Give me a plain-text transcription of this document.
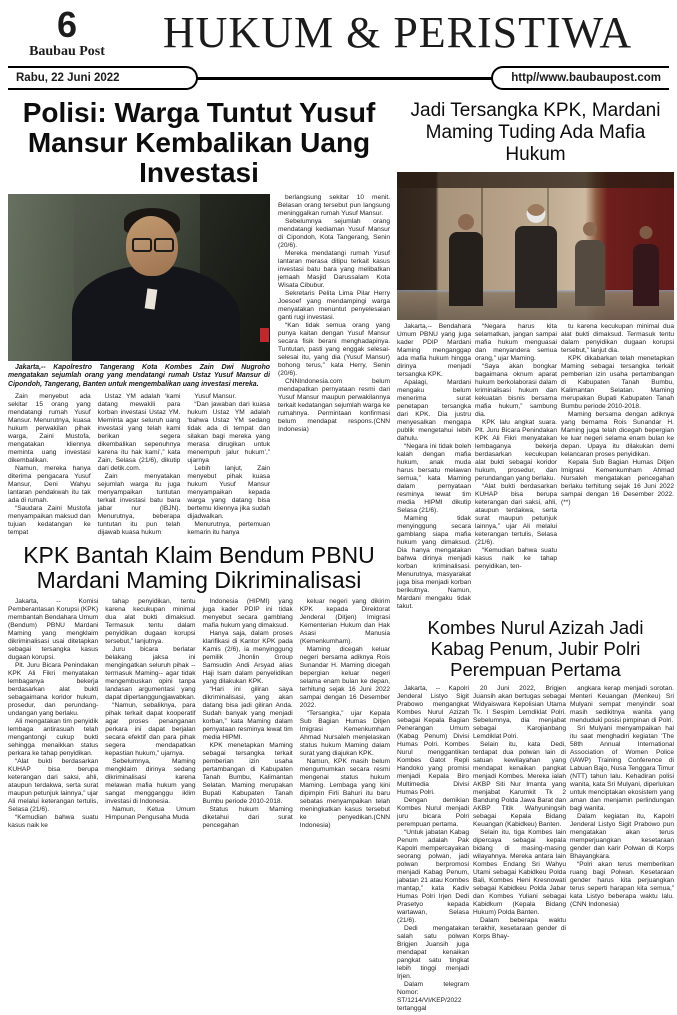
6
Baubau Post	HUKUM & PERISTIWA
Rabu, 22 Juni 2022	http//www.baubaupost.com
Polisi: Warga Tuntut Yusuf Mansur Kembalikan Uang Investasi

Jakarta,-- Kapolrestro Tangerang Kota Kombes Zain Dwi Nugroho mengatakan sejumlah orang yang mendatangi rumah Ustaz Yusuf Mansur di Cipondoh, Tangerang, Banten untuk mengembalikan uang investasi mereka.

Zain menyebut ada sekitar 15 orang yang mendatangi rumah Yusuf Mansur. Menurutnya, kuasa hukum perwakilan pihak warga, Zaini Mustofa, mengatakan kliennya meminta uang investasi dikembalikan.

Namun, mereka hanya diterima pengacara Yusuf Mansur, Deni Wahyu lantaran pendakwah itu tak ada di rumah.

“Saudara Zaini Mustofa menyampaikan maksud dan tujuan kedatangan ke tempat

Ustaz YM adalah ‘kami datang mewakili para korban investasi Ustaz YM. Meminta agar seluruh uang investasi yang telah kami berikan segera dikembalikan sepenuhnya karena itu hak kami’,” kata Zain, Selasa (21/6), dikutip dari detik.com.

Zain menyatakan sejumlah warga itu juga menyampaikan tuntutan terkait investasi batu bara jabar nur (IBJN). Menurutnya, beberapa tuntutan itu pun telah dijawab kuasa hukum

Yusuf Mansur.

“Dan jawaban dari kuasa hukum Ustaz YM adalah ‘bahwa Ustaz YM sedang tidak ada di tempat dan silakan bagi mereka yang merasa dirugikan untuk menempuh jalur hukum’,” ujarnya

Lebih lanjut, Zain menyebut pihak kuasa hukum Yusuf Mansur menyampaikan kepada warga yang datang bisa bertemu kliennya jika sudah dijadwalkan.

Menurutnya, pertemuan kemarin itu hanya

berlangsung sekitar 10 menit. Belasan orang tersebut pun langsung meninggalkan rumah Yusuf Mansur.

Sebelumnya sejumlah orang mendatangi kediaman Yusuf Mansur di Cipondoh, Kota Tangerang, Senin (20/6).

Mereka mendatangi rumah Yusuf lantaran merasa ditipu terkait kasus investasi batu bara yang melibatkan jemaah Masjid Darussalam Kota Wisata Cibubur.

Sekretaris Pelita Lima Pilar Herry Joesoef yang mendampingi warga menyatakan menuntut penyelesaian ganti rugi investasi.

“Kan tidak semua orang yang punya kaitan dengan Yusuf Mansur secara fisik berani menghadapinya. Tuntutan, pasti yang enggak selesai-selesai itu, yang dia (Yusuf Mansur) bohong terus,” kata Herry, Senin (20/6).

CNNIndonesia.com belum mendapatkan pernyataan resmi dari Yusuf Mansur maupun perwakilannya terkait kedatangan sejumlah warga ke rumahnya. Permintaan konfirmasi belum mendapat respons.(CNN Indonesia)

KPK Bantah Klaim Bendum PBNU Mardani Maming Dikriminalisasi

Jakarta, -- Komisi Pemberantasan Korupsi (KPK) membantah Bendahara Umum (Bendum) PBNU Mardani Maming yang mengklaim dikriminalisasi usai ditetapkan sebagai tersangka kasus dugaan korupsi.

Plt. Juru Bicara Penindakan KPK Ali Fikri menyatakan lembaganya bekerja berdasarkan alat bukti sebagaimana koridor hukum, prosedur, dan perundang-undangan yang berlaku.

Ali mengatakan tim penyidik lembaga antirasuah telah mengantongi cukup bukti sehingga menaikkan status perkara ke tahap penyidikan.

“Alat bukti berdasarkan KUHAP bisa berupa keterangan dari saksi, ahli, ataupun terdakwa, serta surat maupun petunjuk lainnya,” ujar Ali melalui keterangan tertulis, Selasa (21/6).

“Kemudian bahwa suatu kasus naik ke

tahap penyidikan, tentu karena kecukupan minimal dua alat bukti dimaksud. Termasuk tentu dalam penyidikan dugaan korupsi tersebut,” lanjutnya.

Juru bicara berlatar belakang jaksa ini mengingatkan seluruh pihak --termasuk Maming-- agar tidak mengembuskan opini tanpa landasan argumentasi yang dapat dipertanggungjawabkan.

“Namun, sebaliknya, para pihak terkait dapat kooperatif agar proses penanganan perkara ini dapat berjalan secara efektif dan para pihak segera mendapatkan kepastian hukum,” ujarnya.

Sebelumnya, Maming mengklaim dirinya sedang dikriminalisasi karena melawan mafia hukum yang sangat mengganggu iklim investasi di Indonesia.

Namun, Ketua Umum Himpunan Pengusaha Muda

Indonesia (HIPMI) yang juga kader PDIP ini tidak menyebut secara gamblang mafia hukum yang dimaksud.

Hanya saja, dalam proses klarifikasi di Kantor KPK pada Kamis (2/6), ia menyinggung pemilik Jhonlin Group Samsudin Andi Arsyad alias Haji Isam dalam penyelidikan yang dilakukan KPK.

“Hari ini giliran saya dikriminalisasi, yang akan datang bisa jadi giliran Anda. Sudah banyak yang menjadi korban,” kata Maming dalam pernyataan resminya lewat tim media HIPMI.

KPK menetapkan Maming sebagai tersangka terkait pemberian izin usaha pertambangan di Kabupaten Tanah Bumbu, Kalimantan Selatan. Maming merupakan Bupati Kabupaten Tanah Bumbu periode 2010-2018.

Status hukum Maming diketahui dari surat pencegahan

keluar negeri yang dikirim KPK kepada Direktorat Jenderal (Ditjen) Imigrasi Kementerian Hukum dan Hak Asasi Manusia (Kemenkumham).

Maming dicegah keluar negeri bersama adiknya Rois Sunandar H. Maming dicegah bepergian keluar negeri selama enam bulan ke depan, terhitung sejak 16 Juni 2022 sampai dengan 16 Desember 2022.

“Tersangka,” ujar Kepala Sub Bagian Humas Ditjen Imigrasi Kemenkumham Ahmad Nursaleh menjelaskan status hukum Maming dalam surat yang diajukan KPK.

Namun, KPK masih belum mengumumkan secara resmi mengenai status hukum Maming. Lembaga yang kini dipimpin Firli Bahuri itu baru sebatas menyampaikan telah meningkatkan kasus tersebut ke penyedikan.(CNN Indonesia)

Jadi Tersangka KPK, Mardani Maming Tuding Ada Mafia Hukum

Jakarta,-- Bendahara Umum PBNU yang juga kader PDIP Mardani Maming menganggap ada mafia hukum hingga dirinya menjadi tersangka KPK.

Apalagi, Mardani mengaku belum menerima surat penetapan tersangka dari KPK. Dia justru menyesalkan mengapa publik mengetahui lebih dahulu.

“Negara ini tidak boleh kalah dengan mafia hukum, anak muda harus bersatu melawan semua,” kata Maming dalam pernyataan resminya lewat tim media HIPMI dikutip Selasa (21/6).

Maming tidak menyinggung secara gamblang siapa mafia hukum yang dimaksud. Dia hanya mengatakan bahwa dirinya menjadi korban kriminalisasi. Menurutnya, masyarakat juga bisa menjadi korban berikutnya. Namun, Mardani mengaku tidak takut.

“Negara harus kita selamatkan, jangan sampai mafia hukum menguasai dan menyandera semua orang,” ujar Maming.

“Saya akan bongkar bagaimana oknum aparat hukum berkolaborasi dalam kriminalisasi hukum dan kekuatan bisnis bersama mafia hukum,” sambung dia.

KPK lalu angkat suara. Plt. Juru Bicara Penindakan KPK Ali Fikri menyatakan lembaganya bekerja berdasarkan kecukupan alat bukti sebagai koridor hukum, prosedur, dan perundangan yang berlaku.

“Alat bukti berdasarkan KUHAP bisa berupa keterangan dari saksi, ahli, ataupun terdakwa, serta surat maupun petunjuk lainnya,” ujar Ali melalui keterangan tertulis, Selasa (21/6).

“Kemudian bahwa suatu kasus naik ke tahap penyidikan, ten-

tu karena kecukupan minimal dua alat bukti dimaksud. Termasuk tentu dalam penyidikan dugaan korupsi tersebut,” lanjut dia.

KPK dikabarkan telah menetapkan Maming sebagai tersangka terkait pemberian izin usaha pertambangan di Kabupaten Tanah Bumbu, Kalimantan Selatan. Maming merupakan Bupati Kabupaten Tanah Bumbu periode 2010-2018.

Maming bersama dengan adiknya yang bernama Rois Sunandar H. Maming juga telah dicegah bepergian ke luar negeri selama enam bulan ke depan. Upaya itu dilakukan demi kelancaran proses penyidikan.

Kepala Sub Bagian Humas Ditjen Imigrasi Kemenkumham Ahmad Nursaleh mengatakan pencegahan berlaku terhitung sejak 16 Juni 2022 sampai dengan 16 Desember 2022.(**)

Kombes Nurul Azizah Jadi Kabag Penum, Jubir Polri Perempuan Pertama

Jakarta, -- Kapolri Jenderal Listyo Sigit Prabowo mengangkat Kombes Nurul Azizah sebagai Kepala Bagian Penerangan Umum (Kabag Penum) Divisi Humas Polri. Kombes Nurul menggantikan Kombes Gatot Repli Handoko yang promisi menjadi Kepala Biro Multimedia Divisi Humas Polri.

Dengan demikian Kombes Nurul menjadi juru bicara Polri perempuan pertama.

“Untuk jabatan Kabag Penum adalah Pak Kapolri mempercayakan seorang polwan, jadi polwan berpromosi menjadi Kabag Penum, jabatan 21 atau Kombes mantap,” kata Kadiv Humas Polri Irjen Dedi Prasetyo kepada wartawan, Selasa (21/6).

Dedi mengatakan salah satu polwan Brigjen Juansih juga mendapat kenaikan pangkat satu tingkat lebih tinggi menjadi Irjen.

Dalam telegram Nomor: ST/1214/VI/KEP/2022 tertanggal

20 Juni 2022, Brigjen Juansih akan bertugas sebagai Widyaiswara Kepolisian Utama Tk. I Sespim Lemdiklat Polri. Sebelumnya, dia menjabat sebagai Karojianbang Lemdiklat Polri.

Selain itu, kata Dedi, terdapat dua polwan lain di satuan kewilayahan yang mendapat kenaikan pangkat menjadi Kombes. Mereka ialah AKBP Siti Nur Imanta yang menjabat Karumkit Tk 2 Bandung Polda Jawa Barat dan AKBP Titik Wahyuningsih sebagai Kepala Bidang Keuangan (Kabidkeu) Banten.

Selain itu, tiga Kombes lain dipercaya sebagai kepala bidang di masing-masing wilayahnya. Mereka antara lain Kombes Endang Sri Wahyu Utami sebagai Kabidkeu Polda Bali, Kombes Heni Kresnowati sebagai Kabidkeu Polda Jabar dan Kombes Yuliani sebagai Kabidkum (Kepala Bidang Hukum) Polda Banten.

Dalam beberapa waktu terakhir, kesetaraan gender di Korps Bhay-

angkara kerap menjadi sorotan. Menteri Keuangan (Menkeu) Sri Mulyani sempat menyindir soal masih sedikitnya wanita yang menduduki posisi pimpinan di Polri.

Sri Mulyani menyampaikan hal itu saat menghadiri kegiatan ‘The 58th Annual International Association of Women Police (IAWP) Training Conference di Labuan Bajo, Nusa Tenggara Timur (NTT) tahun lalu. Kehadiran polisi wanita, kata Sri Mulyani, diperlukan untuk menciptakan ekosistem yang aman dan menjamin perlindungan bagi wanita.

Dalam kegiatan itu, Kapolri Jenderal Listyo Sigit Prabowo pun mengatakan akan terus memperjuangkan kesetaraan gender dan karir Polwan di Korps Bhayangkara.

“Polri akan terus memberikan ruang bagi Polwan. Kesetaraan gender harus kita perjuangkan terus seperti harapan kita semua,” kata Listyo beberapa waktu lalu.(CNN Indonesia)
